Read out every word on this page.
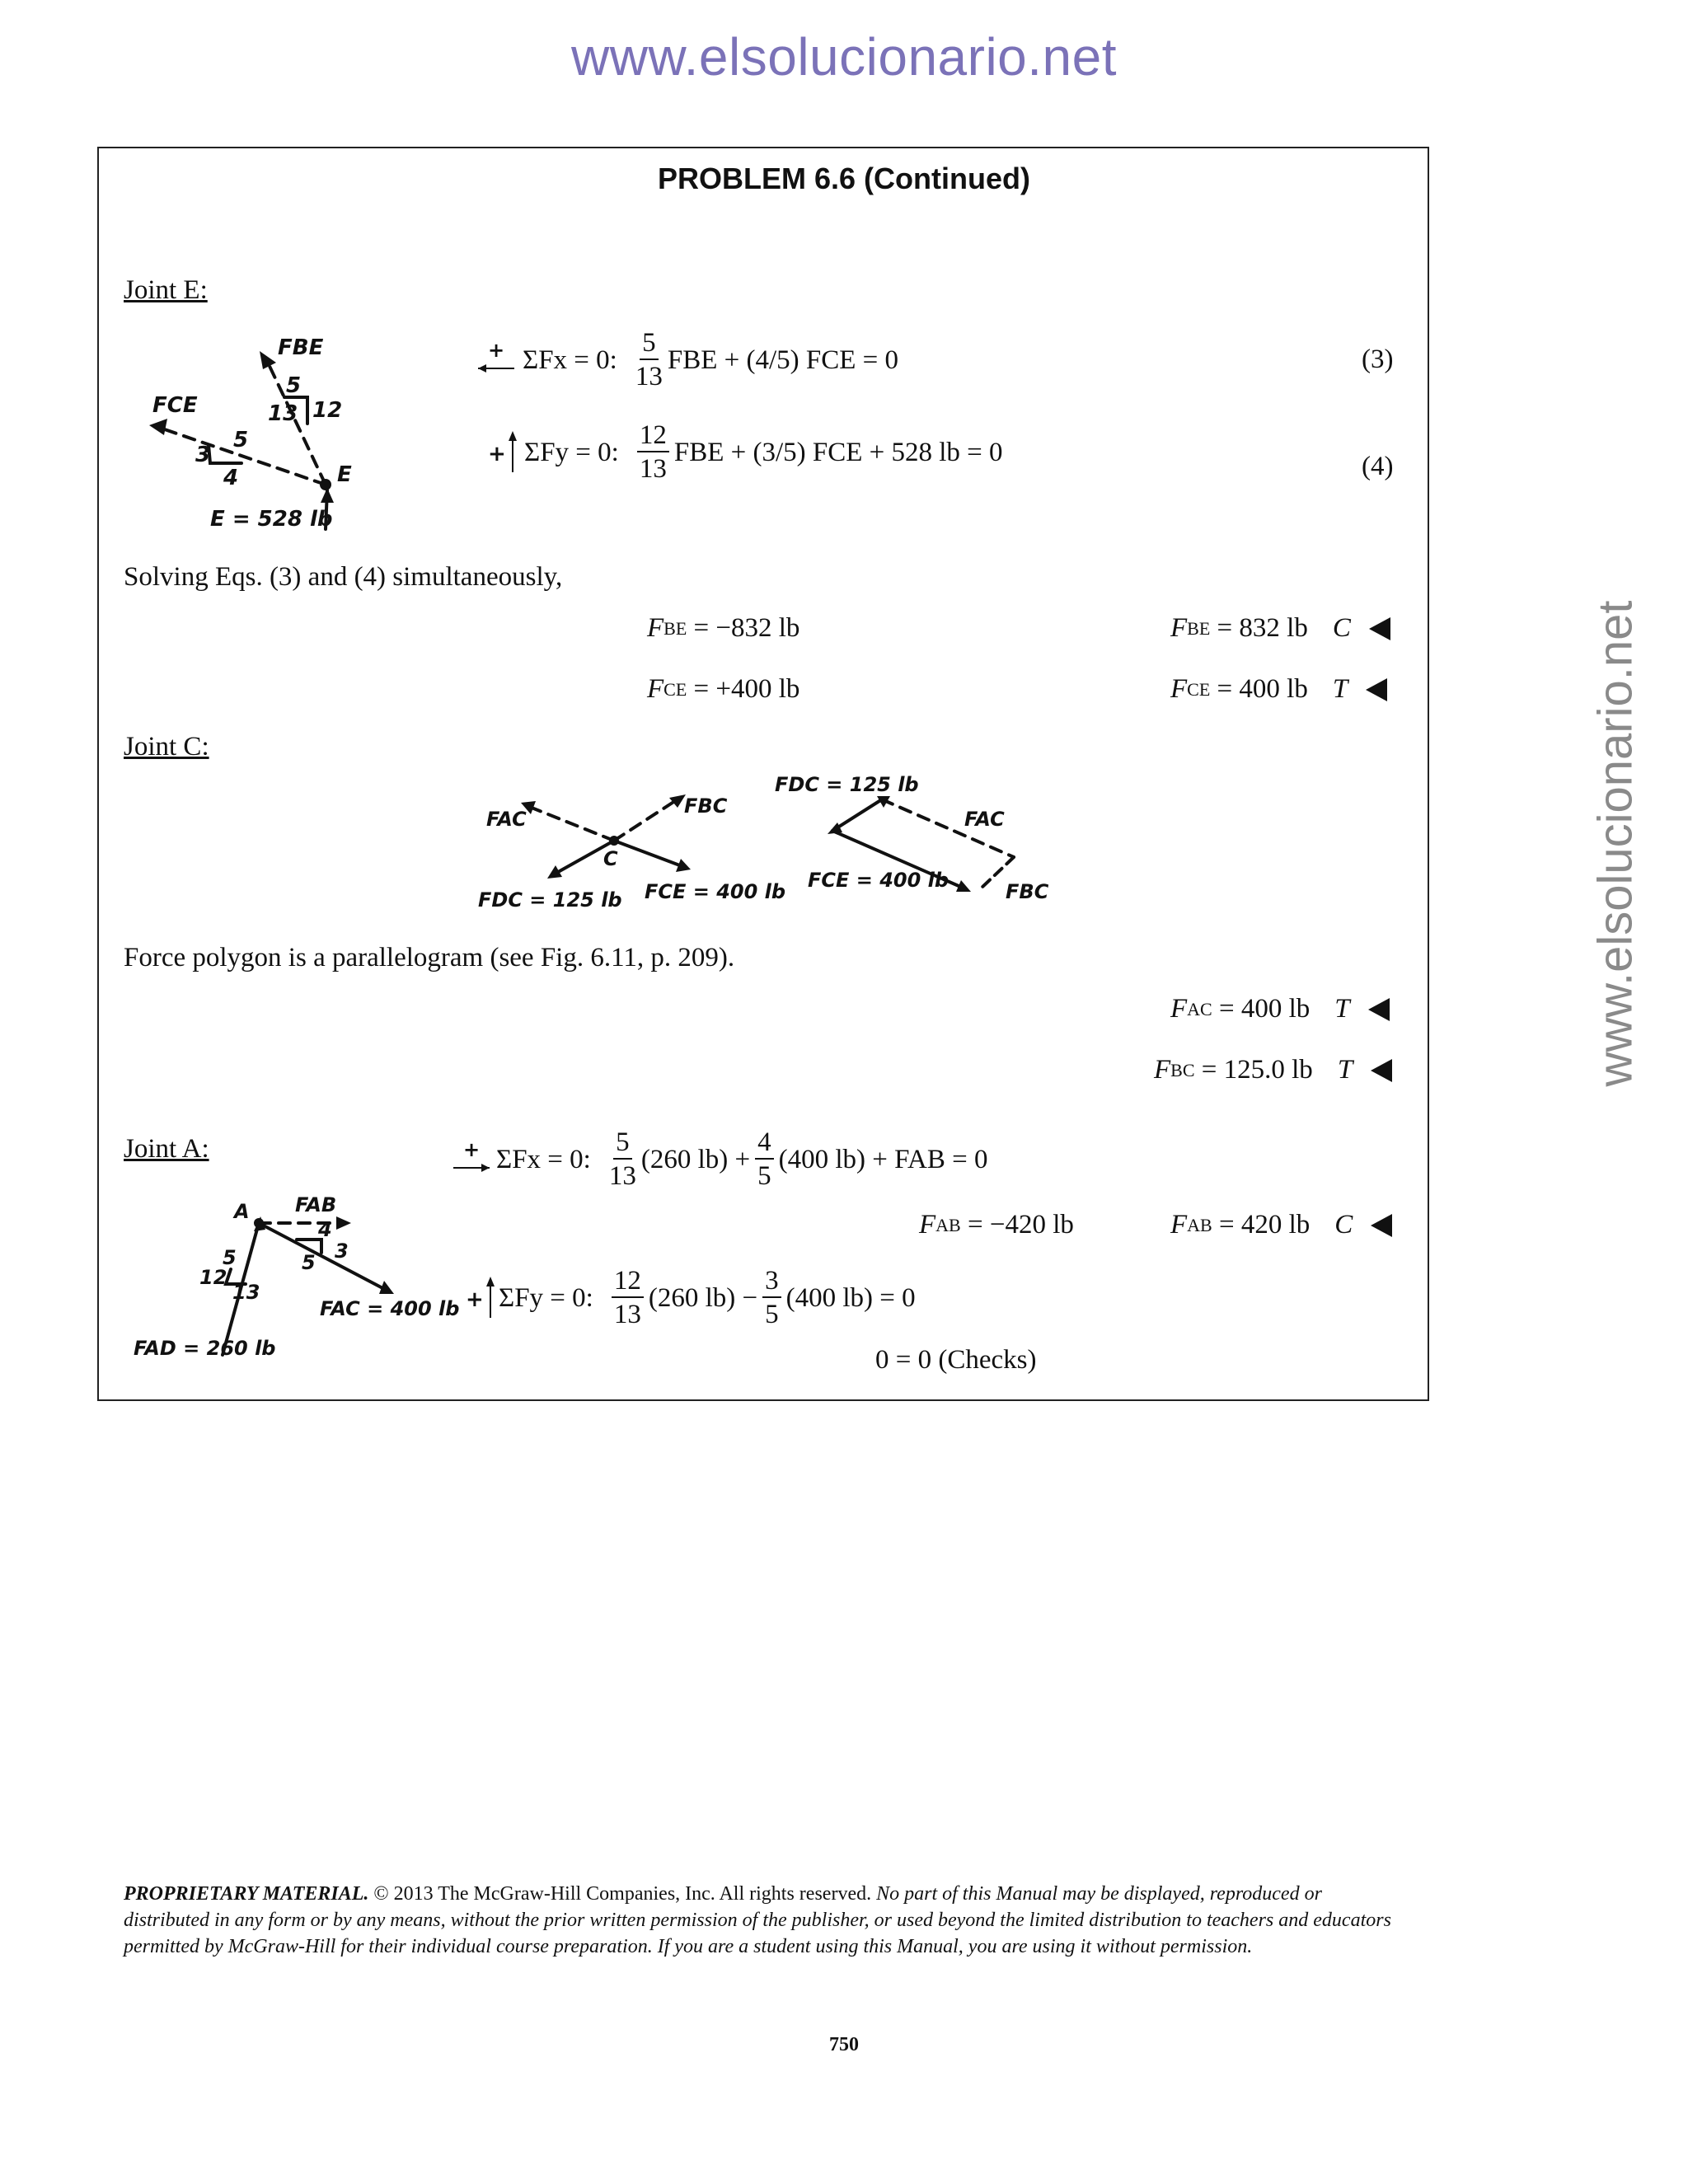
www.elsolucionario.net
www.elsolucionario.net
PROBLEM 6.6 (Continued)
Joint E:
FBE
5
13 12
FCE
3
5
4	E
E = 528 lb
+ ΣFx = 0: $\frac{5}{13}$ FBE + (4/5) FCE = 0	(3)
+ ΣFy = 0: $\frac{12}{13}$ FBE + (3/5) FCE + 528 lb = 0	(4)
Solving Eqs. (3) and (4) simultaneously,
F BE
= −832 lb
F CE
= +400 lb
F BE
= 832 lb C
F CE
= 400 lb T
Joint C:
FAC
FBC
C
FDC = 125 lb FCE = 400 lb
FDC = 125 lb
FAC
FCE = 400 lb	FBC
Force polygon is a parallelogram (see Fig. 6.11, p. 209).
F AC
= 400 lb T
F BC
= 125.0 lb T
Joint A:	+ ΣFx = 0: $\frac{5}{13} (260$ $lb) + \frac{4}{5} (400$ lb) + FAB = 0
F AB
= −420 lb	F AB
= 420 lb C
+ ΣFy = 0: $\frac{12}{13} (260$ $lb) - \frac{3}{5} (400$ lb) = 0
0 = 0 (Checks)
A FAB
4
3
5
5
12
13
FAC = 400 lb
FAD = 260 lb
PROPRIETARY MATERIAL. © 2013 The McGraw-Hill Companies, Inc. All rights reserved. No part of this Manual may be displayed, reproduced or distributed in any form or by any means, without the prior written permission of the publisher, or used beyond the limited distribution to teachers and educators permitted by McGraw-Hill for their individual course preparation. If you are a student using this Manual, you are using it without permission.
750
